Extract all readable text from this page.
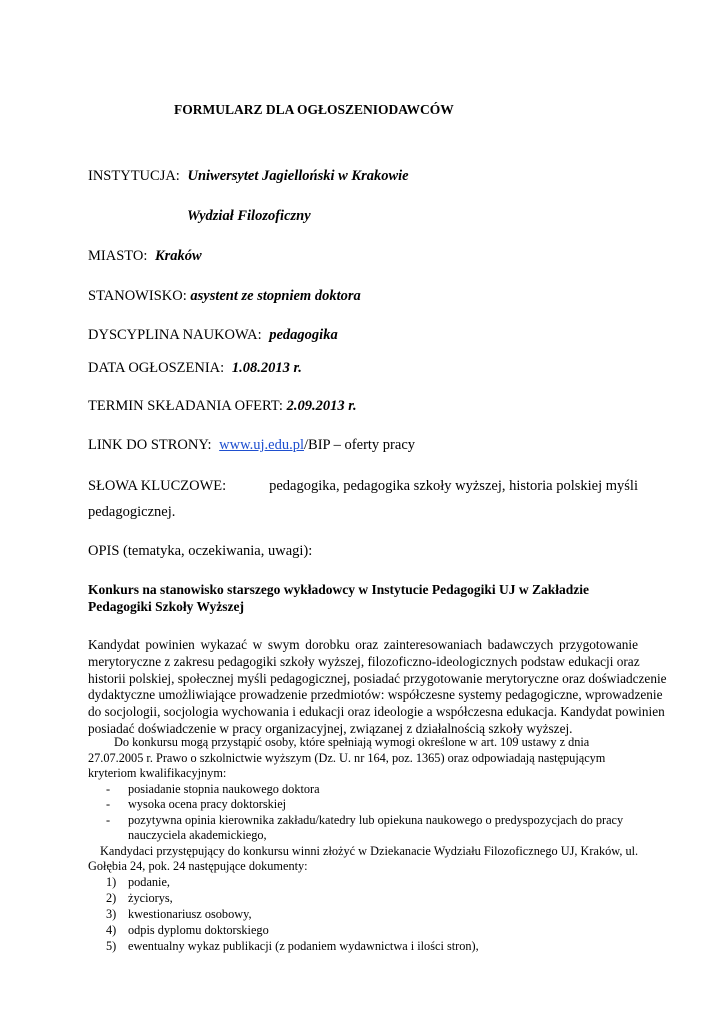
FORMULARZ DLA OGŁOSZENIODAWCÓW
INSTYTUCJA: Uniwersytet Jagielloński w Krakowie
Wydział Filozoficzny
MIASTO: Kraków
STANOWISKO: asystent ze stopniem doktora
DYSCYPLINA NAUKOWA: pedagogika
DATA OGŁOSZENIA: 1.08.2013 r.
TERMIN SKŁADANIA OFERT: 2.09.2013 r.
LINK DO STRONY: www.uj.edu.pl/BIP – oferty pracy
SŁOWA KLUCZOWE:	pedagogika, pedagogika szkoły wyższej, historia polskiej myśli
pedagogicznej.
OPIS (tematyka, oczekiwania, uwagi):
Konkurs na stanowisko starszego wykładowcy w Instytucie Pedagogiki UJ w Zakładzie
Pedagogiki Szkoły Wyższej
Kandydat powinien wykazać w swym dorobku oraz zainteresowaniach badawczych przygotowanie
merytoryczne z zakresu pedagogiki szkoły wyższej, filozoficzno-ideologicznych podstaw edukacji oraz
historii polskiej, społecznej myśli pedagogicznej, posiadać przygotowanie merytoryczne oraz doświadczenie
dydaktyczne umożliwiające prowadzenie przedmiotów: współczesne systemy pedagogiczne, wprowadzenie
do socjologii, socjologia wychowania i edukacji oraz ideologie a współczesna edukacja. Kandydat powinien
posiadać doświadczenie w pracy organizacyjnej, związanej z działalnością szkoły wyższej.
Do konkursu mogą przystąpić osoby, które spełniają wymogi określone w art. 109 ustawy z dnia
27.07.2005 r. Prawo o szkolnictwie wyższym (Dz. U. nr 164, poz. 1365) oraz odpowiadają następującym
kryteriom kwalifikacyjnym:
- posiadanie stopnia naukowego doktora
- wysoka ocena pracy doktorskiej
- pozytywna opinia kierownika zakładu/katedry lub opiekuna naukowego o predyspozycjach do pracy
nauczyciela akademickiego,
Kandydaci przystępujący do konkursu winni złożyć w Dziekanacie Wydziału Filozoficznego UJ, Kraków, ul.
Gołębia 24, pok. 24 następujące dokumenty:
1) podanie,
2) życiorys,
3) kwestionariusz osobowy,
4) odpis dyplomu doktorskiego
5) ewentualny wykaz publikacji (z podaniem wydawnictwa i ilości stron),
